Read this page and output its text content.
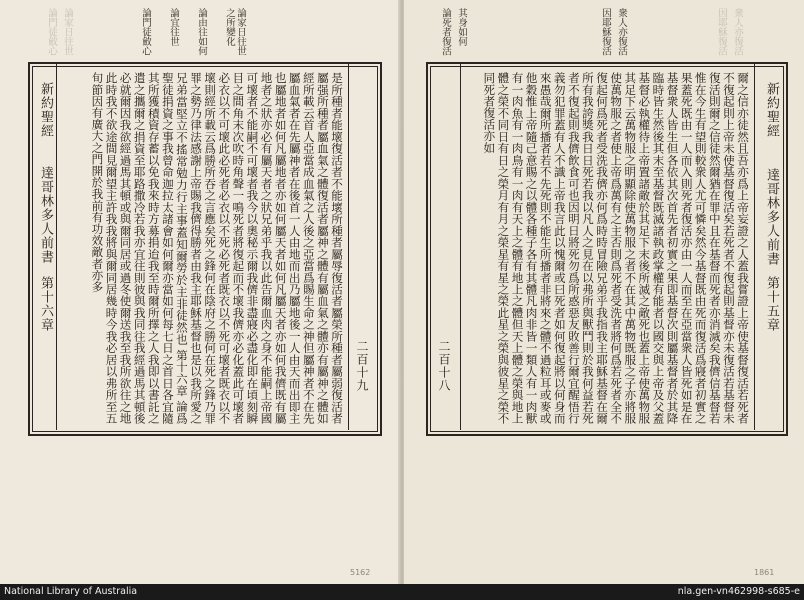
論門徒斂心 論宜往世 論由往如何	論家日往世之所變化
論門徒斂心 論家日往世
新約聖經
達哥林多人前書
第十六章
二百十九
是所種者能壞復活者不能壞所種者屬辱復活者屬榮所種者屬弱復活者屬强所種者屬血氣之體復活者屬神之體有屬血氣之體亦有屬神之體如經所載云首人亞當成血氣之人後之亞當爲賜生命之神但屬神者不在先屬血氣者在先屬神者在後首一人由地而出乃屬地後一人由天而出即主也屬地者如何凡屬地者亦如何屬天者如何凡屬天者亦如何我儕既有屬地者之狀亦必有屬天者之狀兄弟乎我以此告爾血肉之身不能嗣上帝國可壞者不能嗣不可壞者我今以奧秘示爾我儕非盡寢必盡化即在頃刻瞬目之間角末次吹時角聲一鳴死者將復起而不壞我儕亦必化蓋此可壞者必衣以不可壞此必死者必衣以不死必死者既衣以不死可壞者既衣以不壞則經所載云爲勝所吞之言應矣死之鋒何在陰府之勝何在死之鋒乃罪罪之勢乃律法感謝上帝賜我儕得勝者由我主耶穌基督也是以我所愛之兄弟當堅立不搖常勉力行主事蓋知爾勞於主非徒然也 第十六章 論爲聖徒捐資之事我曾命迦拉太諸會如何爾亦當如何每七日之首日各宜隨其所獲積資存蓄以免我來時方募捐迨我至時爾所擇之人我即以書託之遣之攜爾之捐資至耶路撒冷若我亦宜往則彼與我同往我經過馬其頓後必就爾因我欲經過馬其頓或與爾同居或過冬使爾送我至我所欲往之地此時我不欲途間見爾望主許我我將與爾同居幾時今我必居以弗所至五旬節因有廣大之門開於我前有功效敵者亦多
5162
論死者復活 其身如何	因耶穌復活 衆人亦復活	因耶穌復活 衆人亦復活
新約聖經
達哥林多人前書
第十五章
二百十八	爾之信亦徒然且吾亦爲上帝妄證之人蓋我嘗證上帝使基督復活若死者不復起則上帝未使基督復活矣若死者不復起則基督亦未復活若基督未復活則爾之信徒然爾猶在罪中且在基督而死者亦消滅矣我儕信基督若惟在今生有望則較衆人尤可憐矣然今基督既由死而復活爲寢者初實之果蓋死既由一人而入則死者復活亦由一人而至在亞當衆人皆死如是在基督衆人皆生但各依其次首先者初實之果即基督次則屬基督者於其降臨時皆生然後其末至基督既滅諸執政掌權有能者以國交與上帝及父蓋基督必執權待上帝置諸敵於其足下末後所滅之敵死也蓋上帝使萬物服其足下云萬物服之明顯除使萬物服之者不在其中萬物既服之子亦將服使萬物服之者使上帝爲萬有之主否則爲死者受洗者將何爲若死者全不復起何爲死者受洗我儕亦何爲時時冒險兄弟乎我指我主耶穌基督在爾所有我誇獎我日日死若我以凡人之見在以弗所與獸鬥則於我何益若死者不復起則我儕飲食可也因明日將死勿爲所惑惡友敗善行爾宜醒悟行義勿犯罪蓋有人不識上帝我言此以愧爾或曰死者如何復起將以何身而來愚哉爾所播者若不先死則不能生所播者非將來之體不過粒耳或麥或他穀惟上帝隨己意賜之以體各種子各有其體凡肉非皆一類人有一肉獸有一肉魚有一肉鳥有一肉有天上之體有地上之體但天上體之榮與地上體之榮不同日有日之榮月有月之榮星有星之榮此星之榮與彼星之榮不同死者復活亦如
1861
National Library of Australia	nla.gen-vn462998-s685-e
